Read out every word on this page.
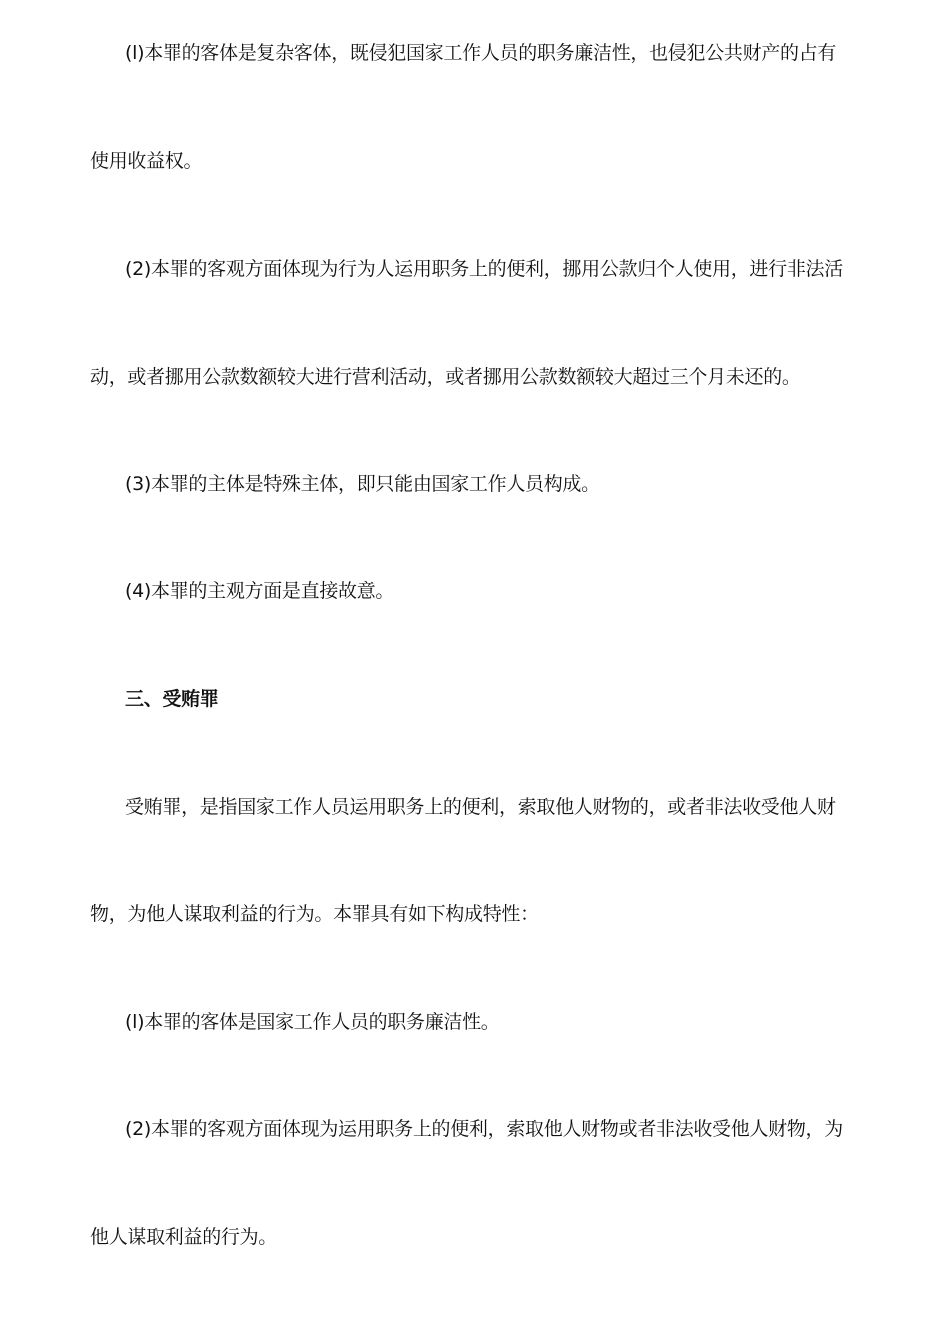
(l)本罪的客体是复杂客体，既侵犯国家工作人员的职务廉洁性，也侵犯公共财产的占有
使用收益权。
(2)本罪的客观方面体现为行为人运用职务上的便利，挪用公款归个人使用，进行非法活
动，或者挪用公款数额较大进行营利活动，或者挪用公款数额较大超过三个月未还的。
(3)本罪的主体是特殊主体，即只能由国家工作人员构成。
(4)本罪的主观方面是直接故意。
三、受贿罪
受贿罪，是指国家工作人员运用职务上的便利，索取他人财物的，或者非法收受他人财
物，为他人谋取利益的行为。本罪具有如下构成特性：
(l)本罪的客体是国家工作人员的职务廉洁性。
(2)本罪的客观方面体现为运用职务上的便利，索取他人财物或者非法收受他人财物，为
他人谋取利益的行为。
